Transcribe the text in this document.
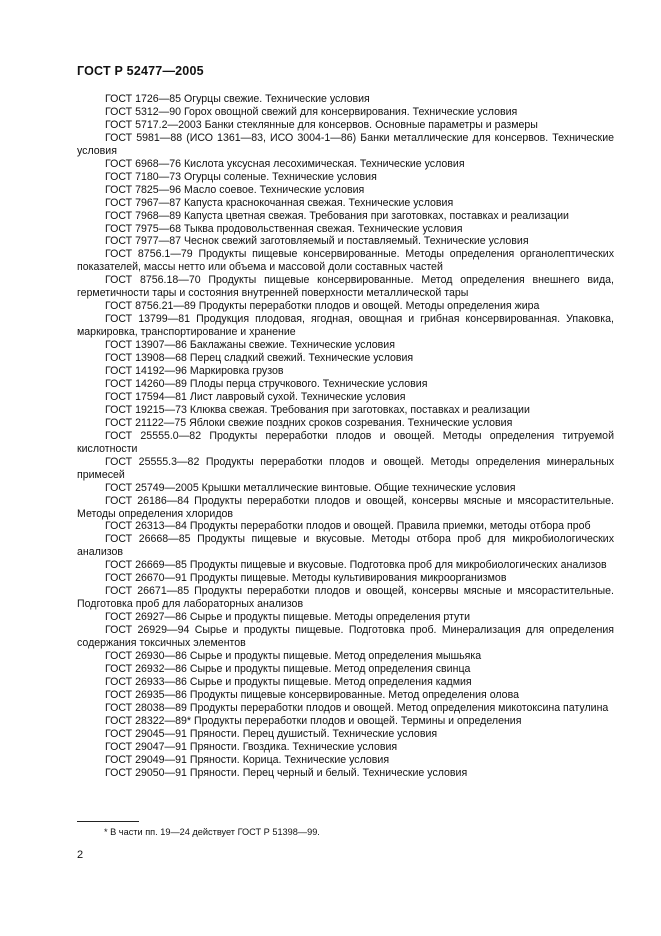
ГОСТ Р 52477—2005
ГОСТ 1726—85 Огурцы свежие. Технические условия
ГОСТ 5312—90 Горох овощной свежий для консервирования. Технические условия
ГОСТ 5717.2—2003 Банки стеклянные для консервов. Основные параметры и размеры
ГОСТ 5981—88 (ИСО 1361—83, ИСО 3004-1—86) Банки металлические для консервов. Технические условия
ГОСТ 6968—76 Кислота уксусная лесохимическая. Технические условия
ГОСТ 7180—73 Огурцы соленые. Технические условия
ГОСТ 7825—96 Масло соевое. Технические условия
ГОСТ 7967—87 Капуста краснокочанная свежая. Технические условия
ГОСТ 7968—89 Капуста цветная свежая. Требования при заготовках, поставках и реализации
ГОСТ 7975—68 Тыква продовольственная свежая. Технические условия
ГОСТ 7977—87 Чеснок свежий заготовляемый и поставляемый. Технические условия
ГОСТ 8756.1—79 Продукты пищевые консервированные. Методы определения органолептических показателей, массы нетто или объема и массовой доли составных частей
ГОСТ 8756.18—70 Продукты пищевые консервированные. Метод определения внешнего вида, герметичности тары и состояния внутренней поверхности металлической тары
ГОСТ 8756.21—89 Продукты переработки плодов и овощей. Методы определения жира
ГОСТ 13799—81 Продукция плодовая, ягодная, овощная и грибная консервированная. Упаковка, маркировка, транспортирование и хранение
ГОСТ 13907—86 Баклажаны свежие. Технические условия
ГОСТ 13908—68 Перец сладкий свежий. Технические условия
ГОСТ 14192—96 Маркировка грузов
ГОСТ 14260—89 Плоды перца стручкового. Технические условия
ГОСТ 17594—81 Лист лавровый сухой. Технические условия
ГОСТ 19215—73 Клюква свежая. Требования при заготовках, поставках и реализации
ГОСТ 21122—75 Яблоки свежие поздних сроков созревания. Технические условия
ГОСТ 25555.0—82 Продукты переработки плодов и овощей. Методы определения титруемой кислотности
ГОСТ 25555.3—82 Продукты переработки плодов и овощей. Методы определения минеральных примесей
ГОСТ 25749—2005 Крышки металлические винтовые. Общие технические условия
ГОСТ 26186—84 Продукты переработки плодов и овощей, консервы мясные и мясорастительные. Методы определения хлоридов
ГОСТ 26313—84 Продукты переработки плодов и овощей. Правила приемки, методы отбора проб
ГОСТ 26668—85 Продукты пищевые и вкусовые. Методы отбора проб для микробиологических анализов
ГОСТ 26669—85 Продукты пищевые и вкусовые. Подготовка проб для микробиологических анализов
ГОСТ 26670—91 Продукты пищевые. Методы культивирования микроорганизмов
ГОСТ 26671—85 Продукты переработки плодов и овощей, консервы мясные и мясорастительные. Подготовка проб для лабораторных анализов
ГОСТ 26927—86 Сырье и продукты пищевые. Методы определения ртути
ГОСТ 26929—94 Сырье и продукты пищевые. Подготовка проб. Минерализация для определения содержания токсичных элементов
ГОСТ 26930—86 Сырье и продукты пищевые. Метод определения мышьяка
ГОСТ 26932—86 Сырье и продукты пищевые. Метод определения свинца
ГОСТ 26933—86 Сырье и продукты пищевые. Метод определения кадмия
ГОСТ 26935—86 Продукты пищевые консервированные. Метод определения олова
ГОСТ 28038—89 Продукты переработки плодов и овощей. Метод определения микотоксина патулина
ГОСТ 28322—89* Продукты переработки плодов и овощей. Термины и определения
ГОСТ 29045—91 Пряности. Перец душистый. Технические условия
ГОСТ 29047—91 Пряности. Гвоздика. Технические условия
ГОСТ 29049—91 Пряности. Корица. Технические условия
ГОСТ 29050—91 Пряности. Перец черный и белый. Технические условия
* В части пп. 19—24 действует ГОСТ Р 51398—99.
2
